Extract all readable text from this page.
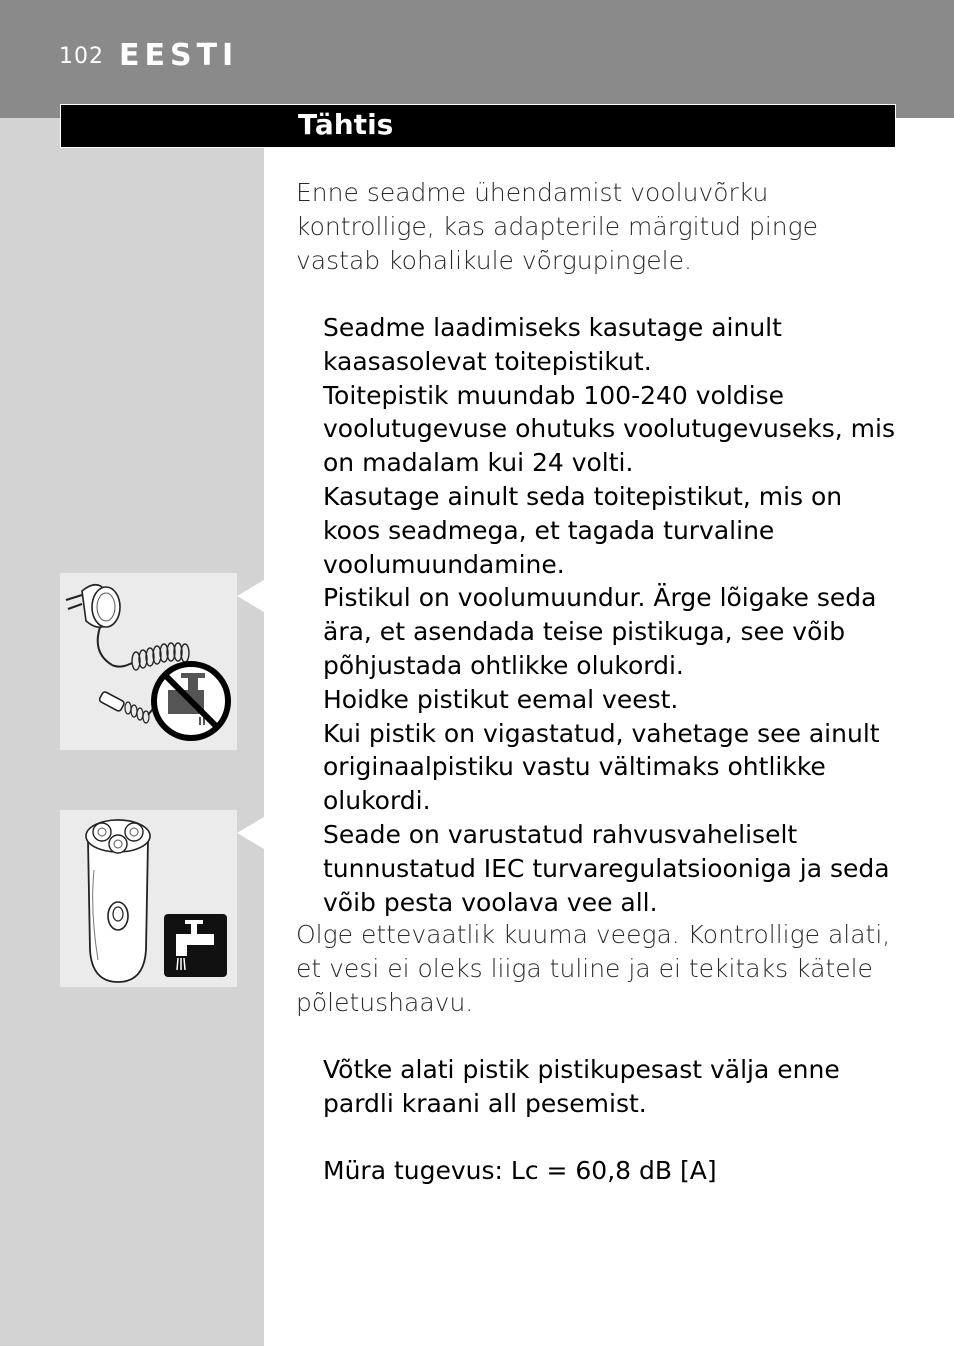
102 EESTI
Tähtis
Enne seadme ühendamist vooluvõrku kontrollige, kas adapterile märgitud pinge vastab kohalikule võrgupingele.

Seadme laadimiseks kasutage ainult kaasasolevat toitepistikut.

Toitepistik muundab 100-240 voldise voolutugevuse ohutuks voolutugevuseks, mis on madalam kui 24 volti.

Kasutage ainult seda toitepistikut, mis on koos seadmega, et tagada turvaline voolumuundamine.

Pistikul on voolumuundur. Ärge lõigake seda ära, et asendada teise pistikuga, see võib põhjustada ohtlikke olukordi.

Hoidke pistikut eemal veest.

Kui pistik on vigastatud, vahetage see ainult originaalpistiku vastu vältimaks ohtlikke olukordi.

Seade on varustatud rahvusvaheliselt tunnustatud IEC turvaregulatsiooniga ja seda võib pesta voolava vee all.

Olge ettevaatlik kuuma veega. Kontrollige alati, et vesi ei oleks liiga tuline ja ei tekitaks kätele põletushaavu.

Võtke alati pistik pistikupesast välja enne pardli kraani all pesemist.

Müra tugevus: Lc = 60,8 dB [A]
